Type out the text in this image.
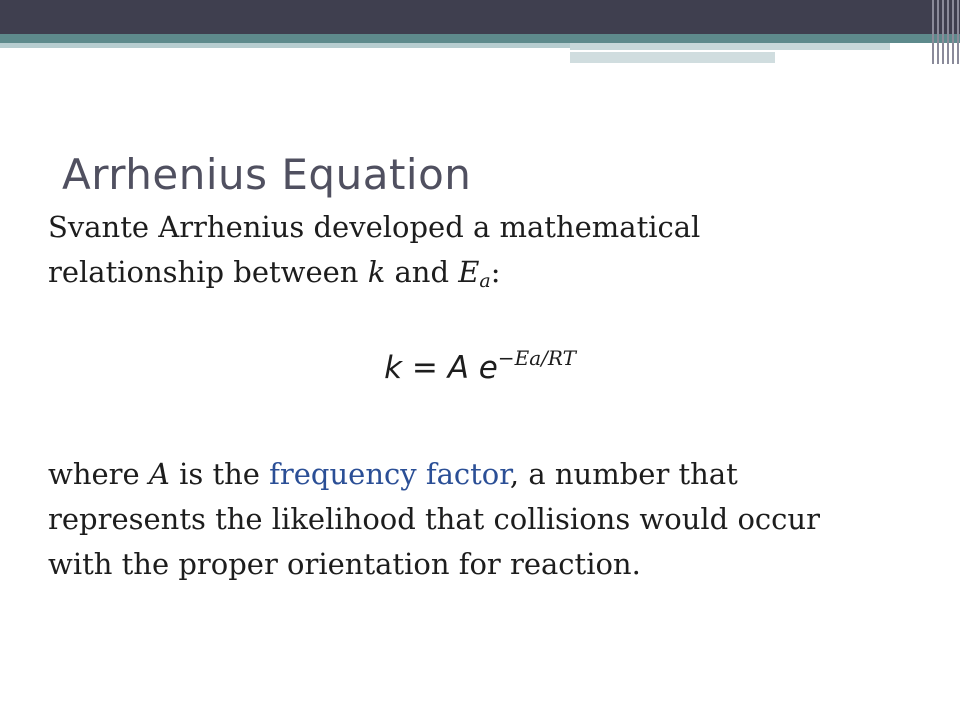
Arrhenius Equation
Svante Arrhenius developed a mathematical
relationship between k and Ea:
k = A $e^{-Ea/RT}$
where A is the frequency factor, a number that
represents the likelihood that collisions would occur
with the proper orientation for reaction.
